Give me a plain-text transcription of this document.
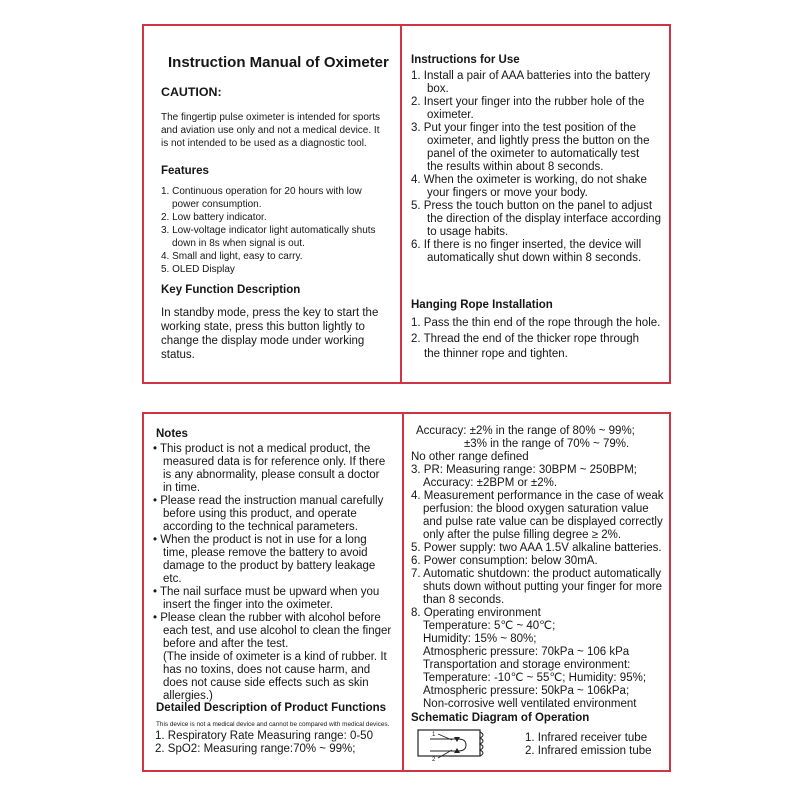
Instruction Manual of Oximeter
CAUTION:
The fingertip pulse oximeter is intended for sports
and aviation use only and not a medical device. It
is not intended to be used as a diagnostic tool.
Features
1. Continuous operation for 20 hours with low
power consumption.
2. Low battery indicator.
3. Low-voltage indicator light automatically shuts
down in 8s when signal is out.
4. Small and light, easy to carry.
5. OLED Display
Key Function Description
In standby mode, press the key to start the
working state, press this button lightly to
change the display mode under working
status.
Instructions for Use
1. Install a pair of AAA batteries into the battery
box.
2. Insert your finger into the rubber hole of the
oximeter.
3. Put your finger into the test position of the
oximeter, and lightly press the button on the
panel of the oximeter to automatically test
the results within about 8 seconds.
4. When the oximeter is working, do not shake
your fingers or move your body.
5. Press the touch button on the panel to adjust
the direction of the display interface according
to usage habits.
6. If there is no finger inserted, the device will
automatically shut down within 8 seconds.
Hanging Rope Installation
1. Pass the thin end of the rope through the hole.
2. Thread the end of the thicker rope through
the thinner rope and tighten.
Notes
• This product is not a medical product, the
measured data is for reference only. If there
is any abnormality, please consult a doctor
in time.
• Please read the instruction manual carefully
before using this product, and operate
according to the technical parameters.
• When the product is not in use for a long
time, please remove the battery to avoid
damage to the product by battery leakage
etc.
• The nail surface must be upward when you
insert the finger into the oximeter.
• Please clean the rubber with alcohol before
each test, and use alcohol to clean the finger
before and after the test.
(The inside of oximeter is a kind of rubber. It
has no toxins, does not cause harm, and
does not cause side effects such as skin
allergies.)
Detailed Description of Product Functions
This device is not a medical device and cannot be compared with medical devices.
1. Respiratory Rate Measuring range: 0-50
2. SpO2: Measuring range:70% ~ 99%;
Accuracy: ±2% in the range of 80% ~ 99%;
±3% in the range of 70% ~ 79%.
No other range defined
3. PR: Measuring range: 30BPM ~ 250BPM;
Accuracy: ±2BPM or ±2%.
4. Measurement performance in the case of weak
perfusion: the blood oxygen saturation value
and pulse rate value can be displayed correctly
only after the pulse filling degree ≥ 2%.
5. Power supply: two AAA 1.5V alkaline batteries.
6. Power consumption: below 30mA.
7. Automatic shutdown: the product automatically
shuts down without putting your finger for more
than 8 seconds.
8. Operating environment
Temperature: 5℃ ~ 40℃;
Humidity: 15% ~ 80%;
Atmospheric pressure: 70kPa ~ 106 kPa
Transportation and storage environment:
Temperature: -10℃ ~ 55℃; Humidity: 95%;
Atmospheric pressure: 50kPa ~ 106kPa;
Non-corrosive well ventilated environment
Schematic Diagram of Operation
1
2
1. Infrared receiver tube
2. Infrared emission tube
